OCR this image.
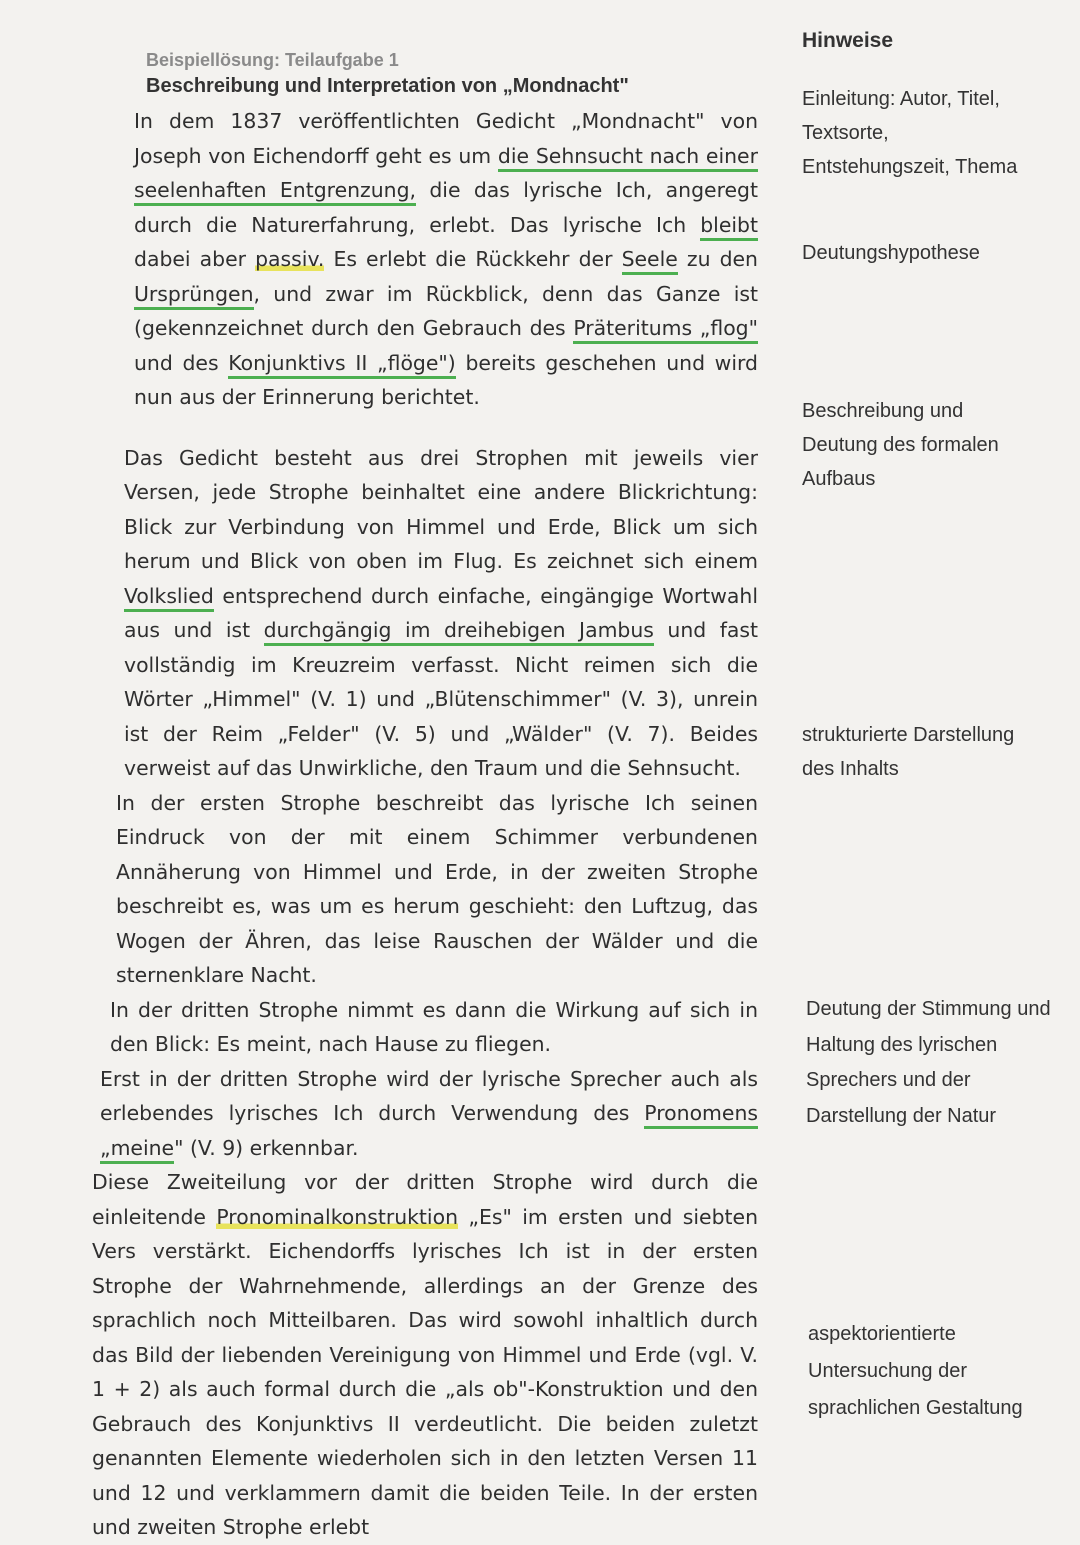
Beispiellösung: Teilaufgabe 1
Beschreibung und Interpretation von „Mondnacht"

In dem 1837 veröffentlichten Gedicht „Mondnacht" von Joseph von Eichendorff geht es um die Sehnsucht nach einer seelenhaften Entgrenzung, die das lyrische Ich, angeregt durch die Naturerfahrung, erlebt. Das lyrische Ich bleibt dabei aber passiv. Es erlebt die Rückkehr der Seele zu den Ursprüngen, und zwar im Rückblick, denn das Ganze ist (gekennzeichnet durch den Gebrauch des Präteritums „flog" und des Konjunktivs II „flöge") bereits geschehen und wird nun aus der Erinnerung berichtet.

Das Gedicht besteht aus drei Strophen mit jeweils vier Versen, jede Strophe beinhaltet eine andere Blickrichtung: Blick zur Verbindung von Himmel und Erde, Blick um sich herum und Blick von oben im Flug. Es zeichnet sich einem Volkslied entsprechend durch einfache, eingängige Wortwahl aus und ist durchgängig im dreihebigen Jambus und fast vollständig im Kreuzreim verfasst. Nicht reimen sich die Wörter „Himmel" (V. 1) und „Blütenschimmer" (V. 3), unrein ist der Reim „Felder" (V. 5) und „Wälder" (V. 7). Beides verweist auf das Unwirkliche, den Traum und die Sehnsucht.

In der ersten Strophe beschreibt das lyrische Ich seinen Eindruck von der mit einem Schimmer verbundenen Annäherung von Himmel und Erde, in der zweiten Strophe beschreibt es, was um es herum geschieht: den Luftzug, das Wogen der Ähren, das leise Rauschen der Wälder und die sternenklare Nacht.

In der dritten Strophe nimmt es dann die Wirkung auf sich in den Blick: Es meint, nach Hause zu fliegen.

Erst in der dritten Strophe wird der lyrische Sprecher auch als erlebendes lyrisches Ich durch Verwendung des Pronomens „meine" (V. 9) erkennbar.

Diese Zweiteilung vor der dritten Strophe wird durch die einleitende Pronominalkonstruktion „Es" im ersten und siebten Vers verstärkt. Eichendorffs lyrisches Ich ist in der ersten Strophe der Wahrnehmende, allerdings an der Grenze des sprachlich noch Mitteilbaren. Das wird sowohl inhaltlich durch das Bild der liebenden Vereinigung von Himmel und Erde (vgl. V. 1 + 2) als auch formal durch die „als ob"-Konstruktion und den Gebrauch des Konjunktivs II verdeutlicht. Die beiden zuletzt genannten Elemente wiederholen sich in den letzten Versen 11 und 12 und verklammern damit die beiden Teile. In der ersten und zweiten Strophe erlebt

Hinweise
Einleitung: Autor, Titel, Textsorte, Entstehungszeit, Thema
Deutungshypothese
Beschreibung und Deutung des formalen Aufbaus
strukturierte Darstellung des Inhalts
Deutung der Stimmung und Haltung des lyrischen Sprechers und der Darstellung der Natur
aspektorientierte Untersuchung der sprachlichen Gestaltung
